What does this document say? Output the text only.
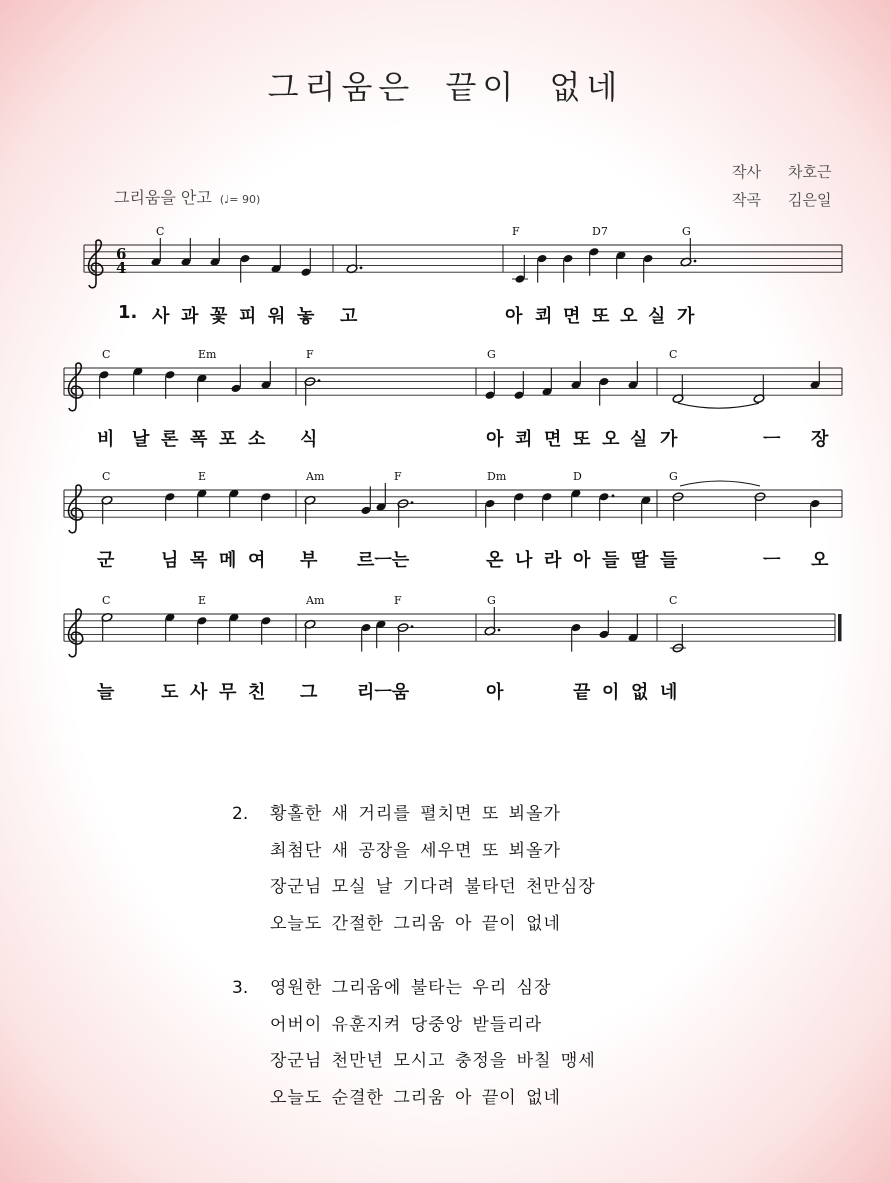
그리움은 끝이 없네
작사 차호근
작곡 김은일
그리움을 안고 (♩= 90)
C	F	D7	G
C	Em	F	G	C
C	E	Am	F	Dm	D	G
C	E	Am	F	G	C
6
4
1. 사 과 꽃 피 워 놓 고	아 쾨 면 또 오 실 가
비 날 론 폭 포 소 식	아 쾨 면 또 오 실 가	ㅡ 장
군	님 목 메 여 부 르ㅡ는	온 나 라 아 들 딸 들	ㅡ 오
늘	도 사 무 친 그 리ㅡ움	아	끝 이 없 네
2. 황홀한 새 거리를 펼치면 또 뵈올가
최첨단 새 공장을 세우면 또 뵈올가
장군님 모실 날 기다려 불타던 천만심장
오늘도 간절한 그리움 아 끝이 없네
3. 영원한 그리움에 불타는 우리 심장
어버이 유훈지켜 당중앙 받들리라
장군님 천만년 모시고 충정을 바칠 맹세
오늘도 순결한 그리움 아 끝이 없네
